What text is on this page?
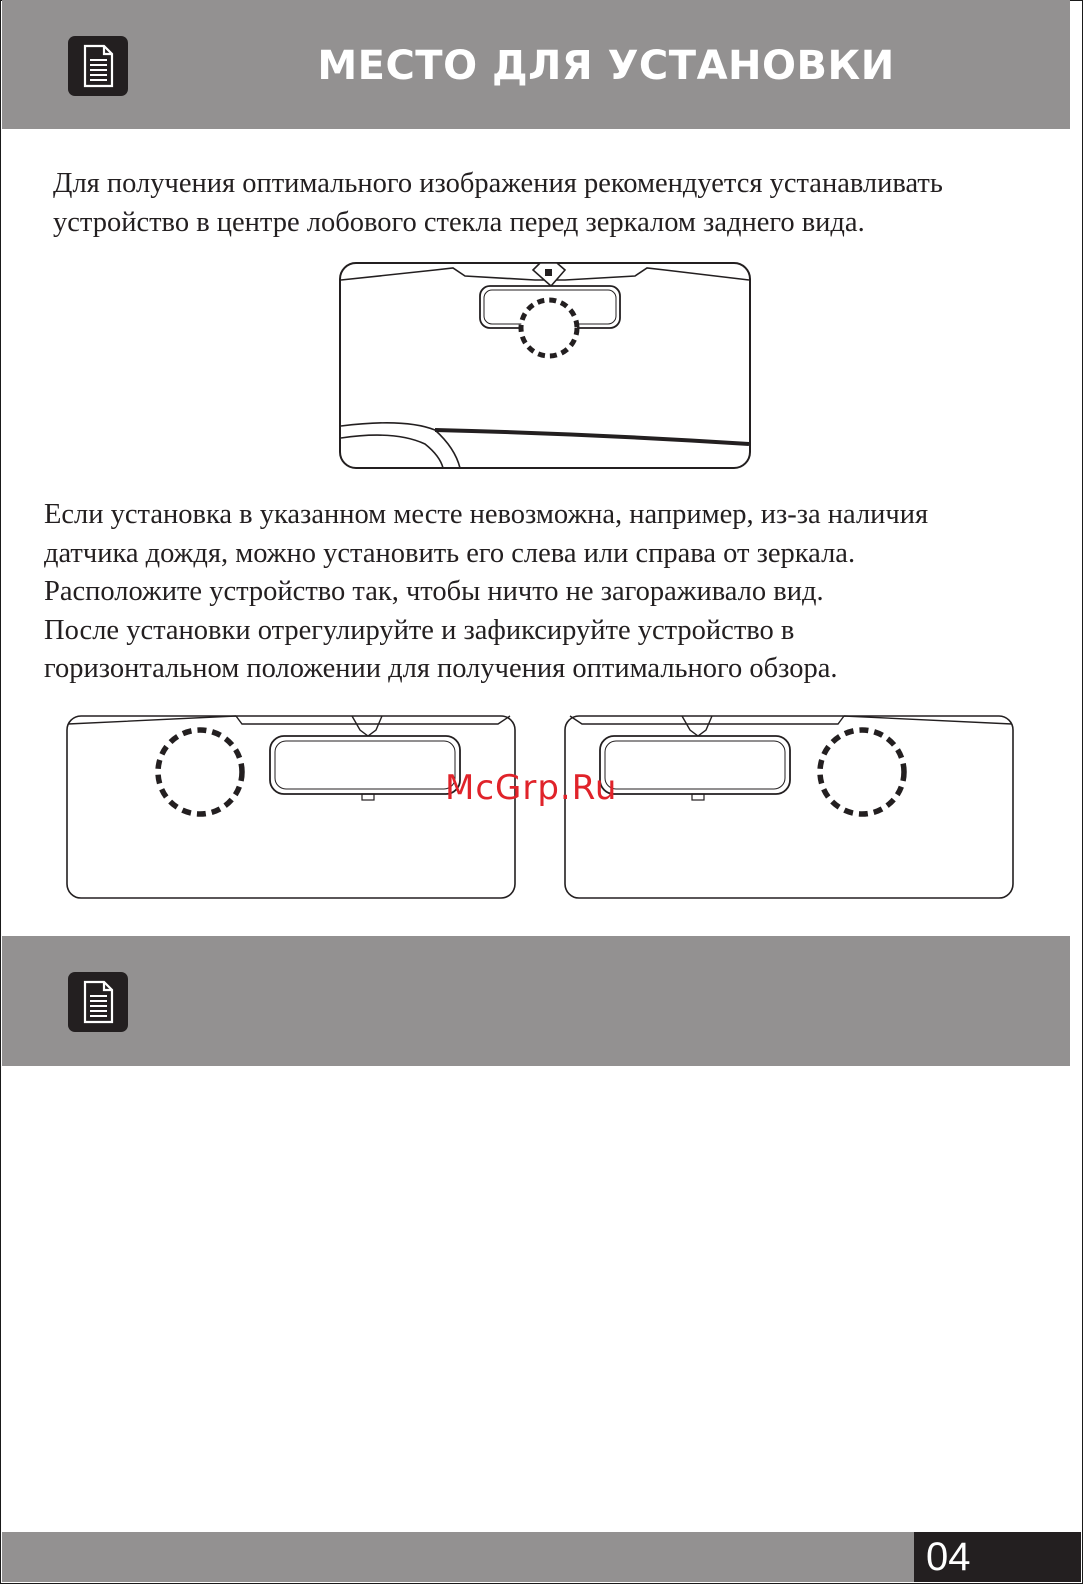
МЕСТО ДЛЯ УСТАНОВКИ

Для получения оптимального изображения рекомендуется устанавливать
устройство в центре лобового стекла перед зеркалом заднего вида.

Если установка в указанном месте невозможна, например, из-за наличия
датчика дождя, можно установить его слева или справа от зеркала.
Расположите устройство так, чтобы ничто не загораживало вид.
После установки отрегулируйте и зафиксируйте устройство в
горизонтальном положении для получения оптимального обзора.

McGrp.Ru
04
